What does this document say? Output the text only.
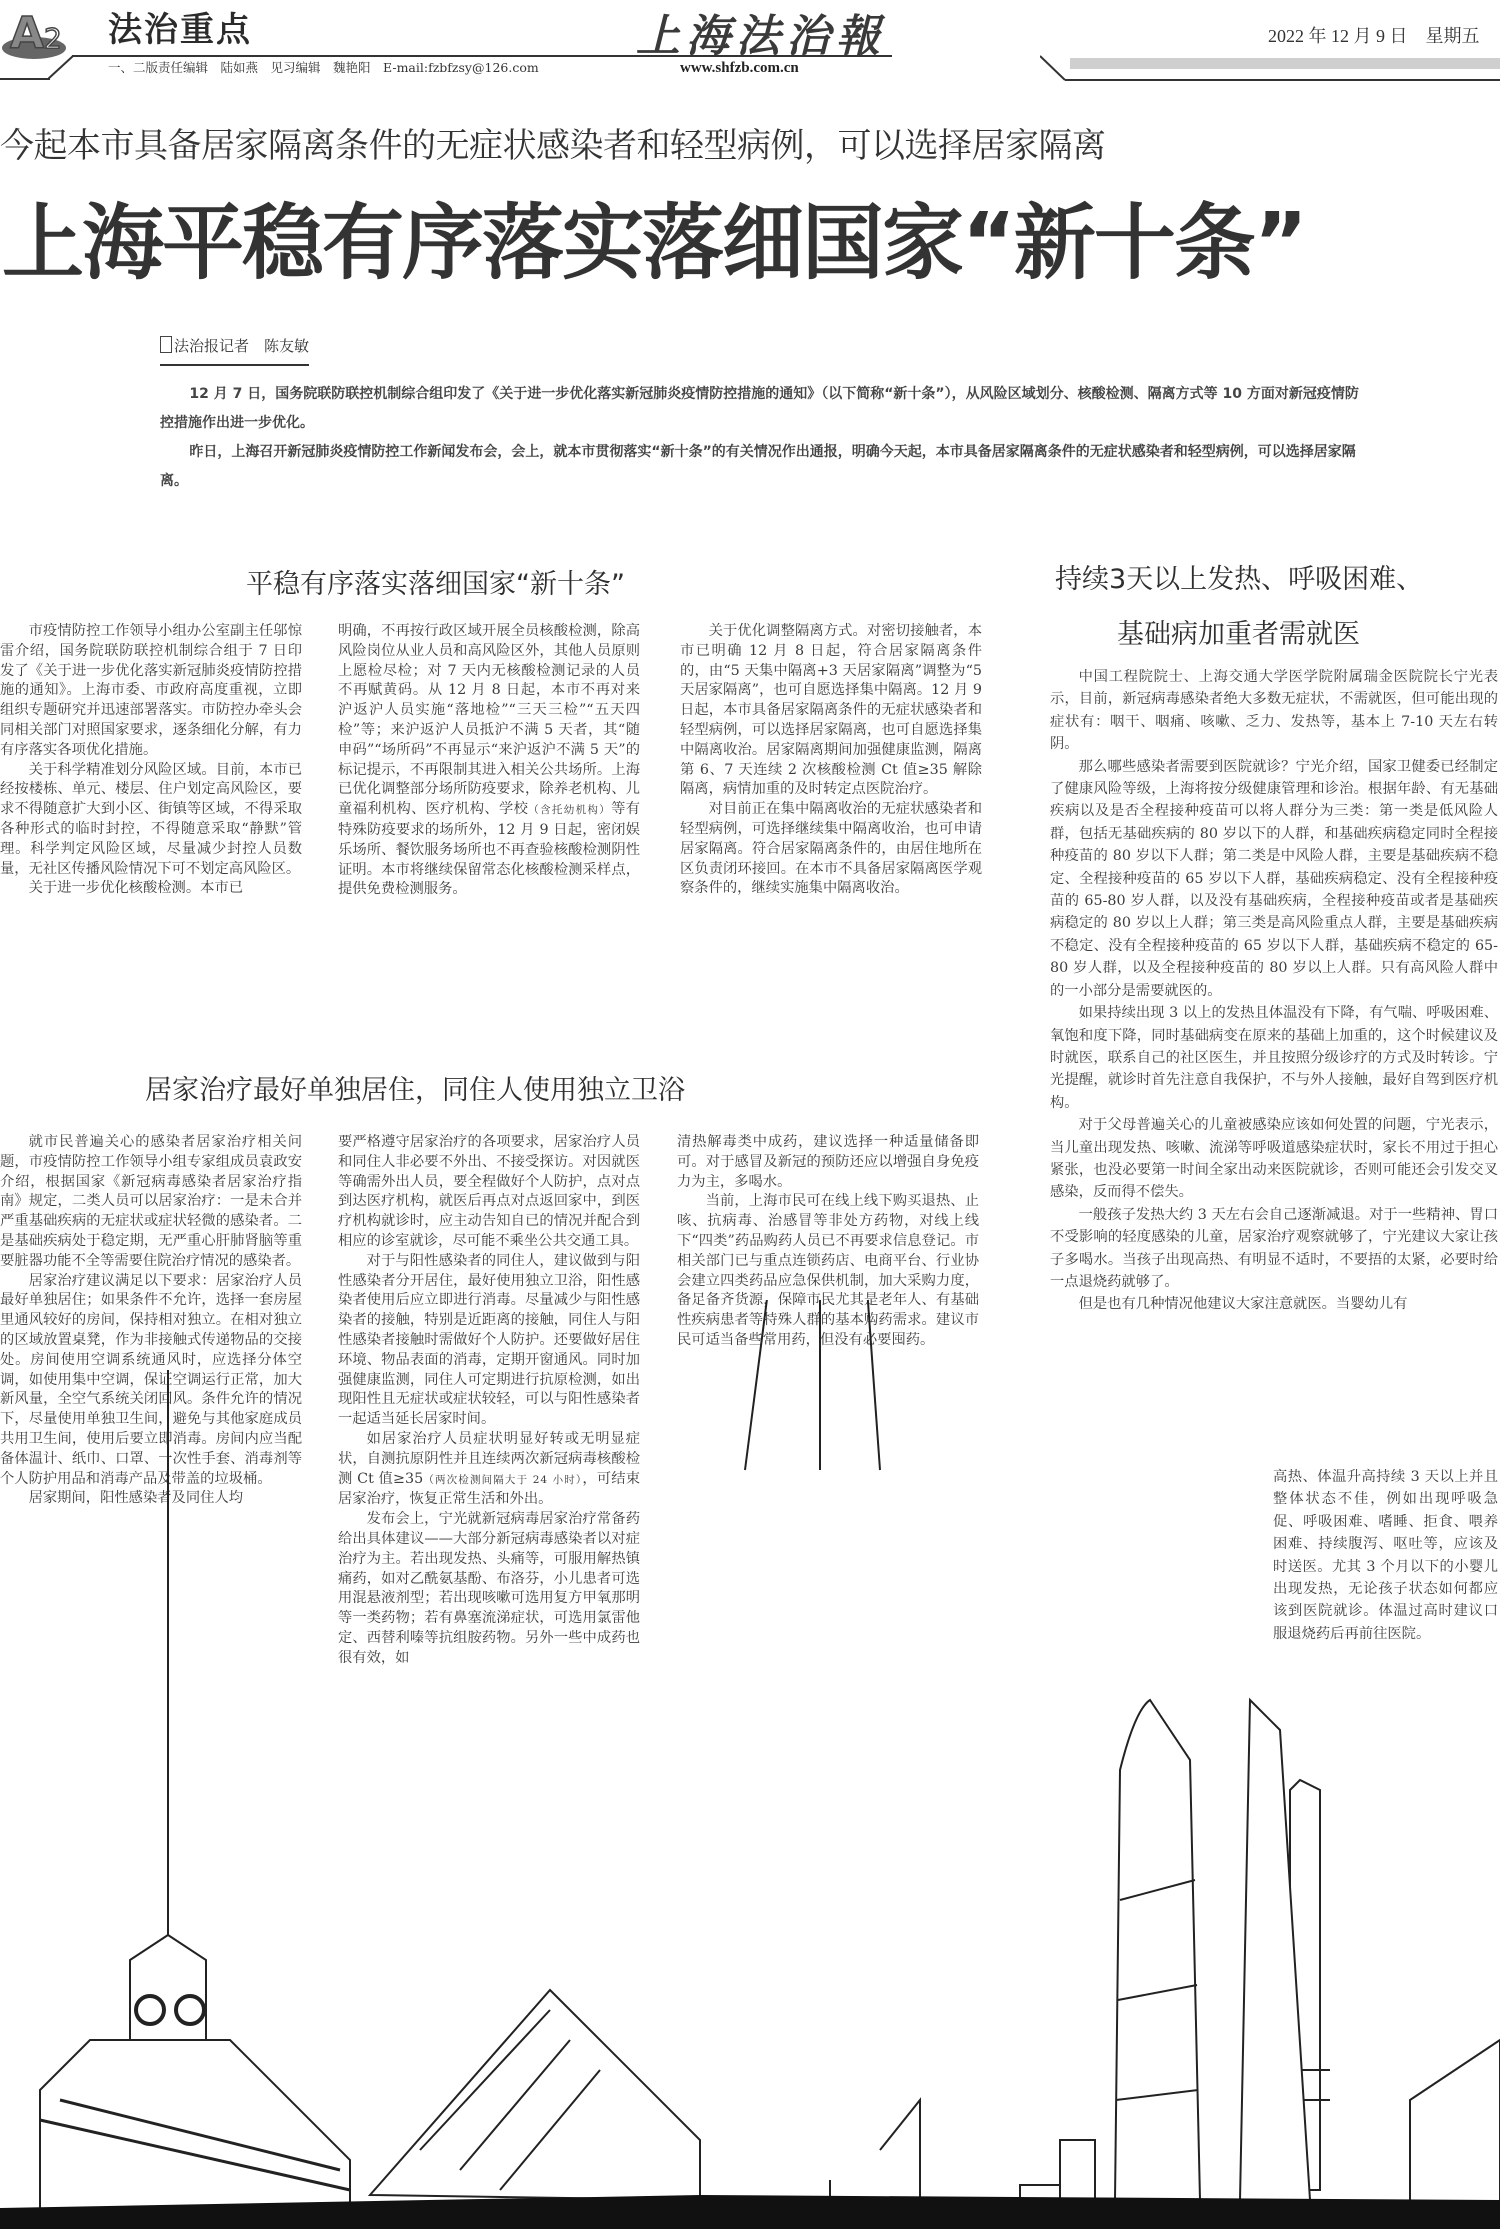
A 2 法治重点
一、二版责任编辑　陆如燕　见习编辑　魏艳阳　E-mail:fzbfzsy@126.com
上海法治報
www.shfzb.com.cn
2022 年 12 月 9 日　星期五
今起本市具备居家隔离条件的无症状感染者和轻型病例，可以选择居家隔离
上海平稳有序落实落细国家“新十条”
法治报记者　陈友敏

12 月 7 日，国务院联防联控机制综合组印发了《关于进一步优化落实新冠肺炎疫情防控措施的通知》（以下简称“新十条”），从风险区域划分、核酸检测、隔离方式等 10 方面对新冠疫情防控措施作出进一步优化。

昨日，上海召开新冠肺炎疫情防控工作新闻发布会，会上，就本市贯彻落实“新十条”的有关情况作出通报，明确今天起，本市具备居家隔离条件的无症状感染者和轻型病例，可以选择居家隔离。

平稳有序落实落细国家“新十条”

市疫情防控工作领导小组办公室副主任邬惊雷介绍，国务院联防联控机制综合组于 7 日印发了《关于进一步优化落实新冠肺炎疫情防控措施的通知》。上海市委、市政府高度重视，立即组织专题研究并迅速部署落实。市防控办牵头会同相关部门对照国家要求，逐条细化分解，有力有序落实各项优化措施。

关于科学精准划分风险区域。目前，本市已经按楼栋、单元、楼层、住户划定高风险区，要求不得随意扩大到小区、街镇等区域，不得采取各种形式的临时封控，不得随意采取“静默”管理。科学判定风险区域，尽量减少封控人员数量，无社区传播风险情况下可不划定高风险区。

关于进一步优化核酸检测。本市已

明确，不再按行政区域开展全员核酸检测，除高风险岗位从业人员和高风险区外，其他人员原则上愿检尽检；对 7 天内无核酸检测记录的人员不再赋黄码。从 12 月 8 日起，本市不再对来沪返沪人员实施“落地检”“三天三检”“五天四检”等；来沪返沪人员抵沪不满 5 天者，其“随申码”“场所码”不再显示“来沪返沪不满 5 天”的标记提示，不再限制其进入相关公共场所。上海已优化调整部分场所防疫要求，除养老机构、儿童福利机构、医疗机构、学校（含托幼机构）等有特殊防疫要求的场所外，12 月 9 日起，密闭娱乐场所、餐饮服务场所也不再查验核酸检测阴性证明。本市将继续保留常态化核酸检测采样点，提供免费检测服务。

关于优化调整隔离方式。对密切接触者，本市已明确 12 月 8 日起，符合居家隔离条件的，由“5 天集中隔离+3 天居家隔离”调整为“5 天居家隔离”，也可自愿选择集中隔离。12 月 9 日起，本市具备居家隔离条件的无症状感染者和轻型病例，可以选择居家隔离，也可自愿选择集中隔离收治。居家隔离期间加强健康监测，隔离第 6、7 天连续 2 次核酸检测 Ct 值≥35 解除隔离，病情加重的及时转定点医院治疗。

对目前正在集中隔离收治的无症状感染者和轻型病例，可选择继续集中隔离收治，也可申请居家隔离。符合居家隔离条件的，由居住地所在区负责闭环接回。在本市不具备居家隔离医学观察条件的，继续实施集中隔离收治。

居家治疗最好单独居住，同住人使用独立卫浴

就市民普遍关心的感染者居家治疗相关问题，市疫情防控工作领导小组专家组成员袁政安介绍，根据国家《新冠病毒感染者居家治疗指南》规定，二类人员可以居家治疗：一是未合并严重基础疾病的无症状或症状轻微的感染者。二是基础疾病处于稳定期，无严重心肝肺肾脑等重要脏器功能不全等需要住院治疗情况的感染者。

居家治疗建议满足以下要求：居家治疗人员最好单独居住；如果条件不允许，选择一套房屋里通风较好的房间，保持相对独立。在相对独立的区域放置桌凳，作为非接触式传递物品的交接处。房间使用空调系统通风时，应选择分体空调，如使用集中空调，保证空调运行正常，加大新风量，全空气系统关闭回风。条件允许的情况下，尽量使用单独卫生间，避免与其他家庭成员共用卫生间，使用后要立即消毒。房间内应当配备体温计、纸巾、口罩、一次性手套、消毒剂等个人防护用品和消毒产品及带盖的垃圾桶。

居家期间，阳性感染者及同住人均

要严格遵守居家治疗的各项要求，居家治疗人员和同住人非必要不外出、不接受探访。对因就医等确需外出人员，要全程做好个人防护，点对点到达医疗机构，就医后再点对点返回家中，到医疗机构就诊时，应主动告知自已的情况并配合到相应的诊室就诊，尽可能不乘坐公共交通工具。

对于与阳性感染者的同住人，建议做到与阳性感染者分开居住，最好使用独立卫浴，阳性感染者使用后应立即进行消毒。尽量减少与阳性感染者的接触，特别是近距离的接触，同住人与阳性感染者接触时需做好个人防护。还要做好居住环境、物品表面的消毒，定期开窗通风。同时加强健康监测，同住人可定期进行抗原检测，如出现阳性且无症状或症状较轻，可以与阳性感染者一起适当延长居家时间。

如居家治疗人员症状明显好转或无明显症状，自测抗原阴性并且连续两次新冠病毒核酸检测 Ct 值≥35（两次检测间隔大于 24 小时），可结束居家治疗，恢复正常生活和外出。

发布会上，宁光就新冠病毒居家治疗常备药给出具体建议——大部分新冠病毒感染者以对症治疗为主。若出现发热、头痛等，可服用解热镇痛药，如对乙酰氨基酚、布洛芬，小儿患者可选用混悬液剂型；若出现咳嗽可选用复方甲氧那明等一类药物；若有鼻塞流涕症状，可选用氯雷他定、西替利嗪等抗组胺药物。另外一些中成药也很有效，如

清热解毒类中成药，建议选择一种适量储备即可。对于感冒及新冠的预防还应以增强自身免疫力为主，多喝水。

当前，上海市民可在线上线下购买退热、止咳、抗病毒、治感冒等非处方药物，对线上线下“四类”药品购药人员已不再要求信息登记。市相关部门已与重点连锁药店、电商平台、行业协会建立四类药品应急保供机制，加大采购力度，备足备齐货源，保障市民尤其是老年人、有基础性疾病患者等特殊人群的基本购药需求。建议市民可适当备些常用药，但没有必要囤药。

持续3天以上发热、呼吸困难、
基础病加重者需就医

中国工程院院士、上海交通大学医学院附属瑞金医院院长宁光表示，目前，新冠病毒感染者绝大多数无症状，不需就医，但可能出现的症状有：咽干、咽痛、咳嗽、乏力、发热等，基本上 7-10 天左右转阴。

那么哪些感染者需要到医院就诊？宁光介绍，国家卫健委已经制定了健康风险等级，上海将按分级健康管理和诊治。根据年龄、有无基础疾病以及是否全程接种疫苗可以将人群分为三类：第一类是低风险人群，包括无基础疾病的 80 岁以下的人群，和基础疾病稳定同时全程接种疫苗的 80 岁以下人群；第二类是中风险人群，主要是基础疾病不稳定、全程接种疫苗的 65 岁以下人群，基础疾病稳定、没有全程接种疫苗的 65-80 岁人群，以及没有基础疾病，全程接种疫苗或者是基础疾病稳定的 80 岁以上人群；第三类是高风险重点人群，主要是基础疾病不稳定、没有全程接种疫苗的 65 岁以下人群，基础疾病不稳定的 65-80 岁人群，以及全程接种疫苗的 80 岁以上人群。只有高风险人群中的一小部分是需要就医的。

如果持续出现 3 以上的发热且体温没有下降，有气喘、呼吸困难、氧饱和度下降，同时基础病变在原来的基础上加重的，这个时候建议及时就医，联系自己的社区医生，并且按照分级诊疗的方式及时转诊。宁光提醒，就诊时首先注意自我保护，不与外人接触，最好自驾到医疗机构。

对于父母普遍关心的儿童被感染应该如何处置的问题，宁光表示，当儿童出现发热、咳嗽、流涕等呼吸道感染症状时，家长不用过于担心紧张，也没必要第一时间全家出动来医院就诊，否则可能还会引发交叉感染，反而得不偿失。

一般孩子发热大约 3 天左右会自己逐渐减退。对于一些精神、胃口不受影响的轻度感染的儿童，居家治疗观察就够了，宁光建议大家让孩子多喝水。当孩子出现高热、有明显不适时，不要捂的太紧，必要时给一点退烧药就够了。

但是也有几种情况他建议大家注意就医。当婴幼儿有

高热、体温升高持续 3 天以上并且整体状态不佳，例如出现呼吸急促、呼吸困难、嗜睡、拒食、喂养困难、持续腹泻、呕吐等，应该及时送医。尤其 3 个月以下的小婴儿出现发热，无论孩子状态如何都应该到医院就诊。体温过高时建议口服退烧药后再前往医院。
